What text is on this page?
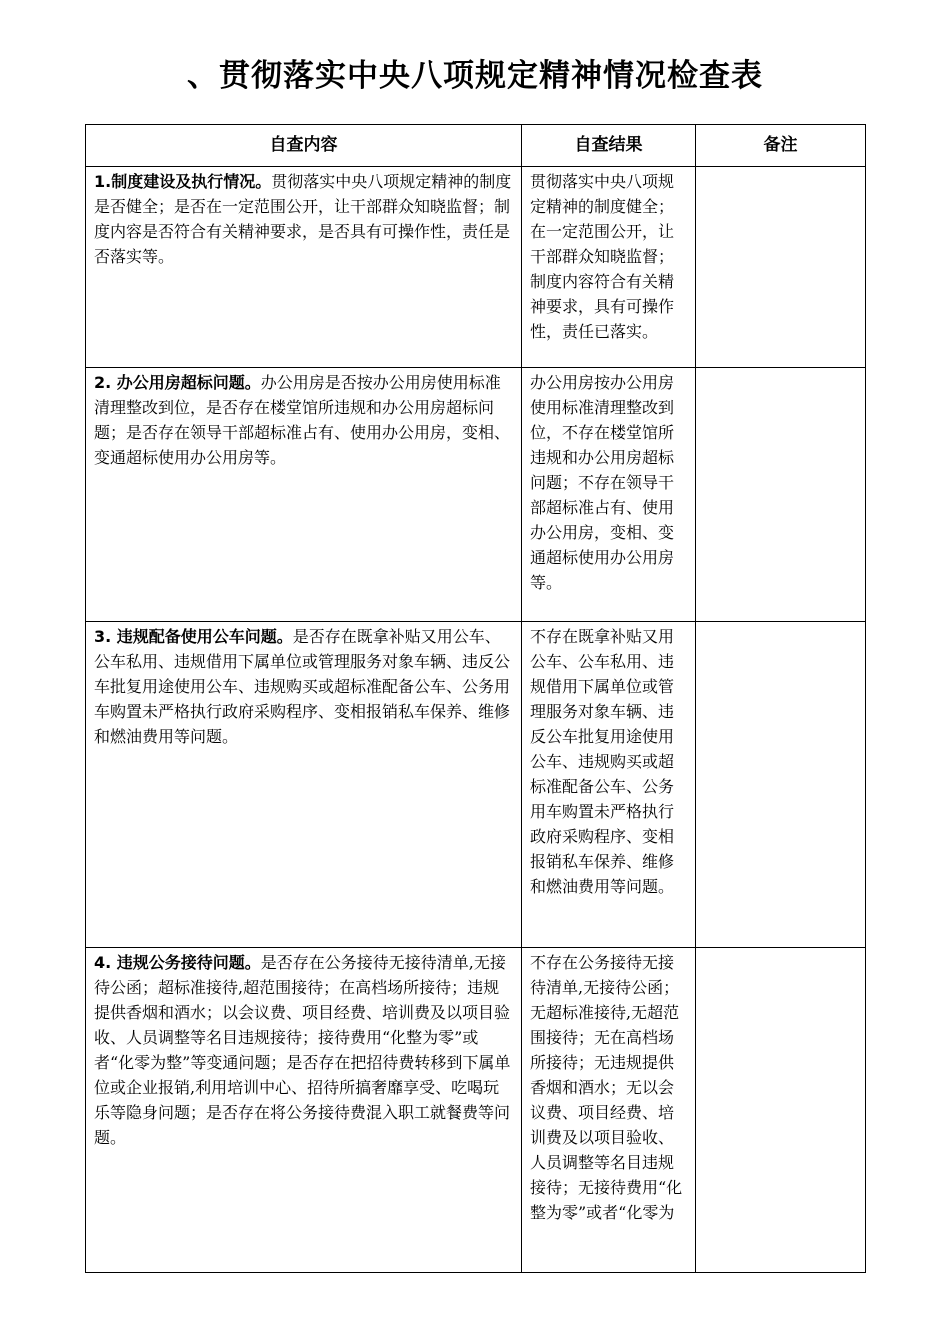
、贯彻落实中央八项规定精神情况检查表
自查内容	自查结果	备注
1.制度建设及执行情况。贯彻落实中央八项规定精神的制度是否健全；是否在一定范围公开，让干部群众知晓监督；制度内容是否符合有关精神要求，是否具有可操作性，责任是否落实等。	贯彻落实中央八项规定精神的制度健全；在一定范围公开，让干部群众知晓监督；制度内容符合有关精神要求，具有可操作性，责任已落实。	
2. 办公用房超标问题。办公用房是否按办公用房使用标准清理整改到位，是否存在楼堂馆所违规和办公用房超标问题；是否存在领导干部超标准占有、使用办公用房，变相、变通超标使用办公用房等。	办公用房按办公用房使用标准清理整改到位，不存在楼堂馆所违规和办公用房超标问题；不存在领导干部超标准占有、使用办公用房，变相、变通超标使用办公用房等。	
3. 违规配备使用公车问题。是否存在既拿补贴又用公车、公车私用、违规借用下属单位或管理服务对象车辆、违反公车批复用途使用公车、违规购买或超标准配备公车、公务用车购置未严格执行政府采购程序、变相报销私车保养、维修和燃油费用等问题。	不存在既拿补贴又用公车、公车私用、违规借用下属单位或管理服务对象车辆、违反公车批复用途使用公车、违规购买或超标准配备公车、公务用车购置未严格执行政府采购程序、变相报销私车保养、维修和燃油费用等问题。	
4. 违规公务接待问题。是否存在公务接待无接待清单,无接待公函；超标准接待,超范围接待；在高档场所接待；违规提供香烟和酒水；以会议费、项目经费、培训费及以项目验收、人员调整等名目违规接待；接待费用“化整为零”或者“化零为整”等变通问题；是否存在把招待费转移到下属单位或企业报销,利用培训中心、招待所搞奢靡享受、吃喝玩乐等隐身问题；是否存在将公务接待费混入职工就餐费等问题。	不存在公务接待无接待清单,无接待公函；无超标准接待,无超范围接待；无在高档场所接待；无违规提供香烟和酒水；无以会议费、项目经费、培训费及以项目验收、人员调整等名目违规接待；无接待费用“化整为零”或者“化零为	
